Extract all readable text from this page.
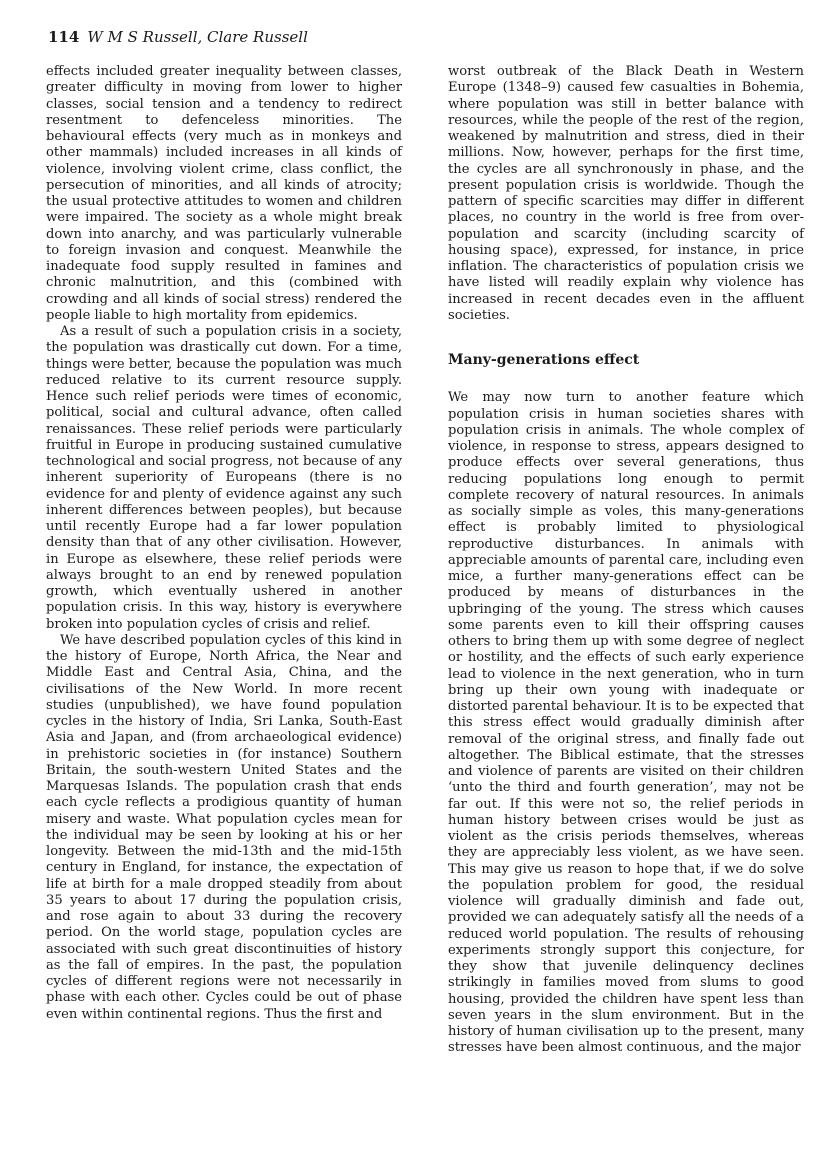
114 W M S Russell, Clare Russell

effects included greater inequality between classes, greater difficulty in moving from lower to higher classes, social tension and a tendency to redirect resentment to defenceless minorities. The behavioural effects (very much as in monkeys and other mammals) included increases in all kinds of violence, involving violent crime, class conflict, the persecution of minorities, and all kinds of atrocity; the usual protective attitudes to women and children were impaired. The society as a whole might break down into anarchy, and was particularly vulnerable to foreign invasion and conquest. Meanwhile the inadequate food supply resulted in famines and chronic malnutrition, and this (combined with crowding and all kinds of social stress) rendered the people liable to high mortality from epidemics.

As a result of such a population crisis in a society, the population was drastically cut down. For a time, things were better, because the population was much reduced relative to its current resource supply. Hence such relief periods were times of economic, political, social and cultural advance, often called renaissances. These relief periods were particularly fruitful in Europe in producing sustained cumulative technological and social progress, not because of any inherent superiority of Europeans (there is no evidence for and plenty of evidence against any such inherent differences between peoples), but because until recently Europe had a far lower population density than that of any other civilisation. However, in Europe as elsewhere, these relief periods were always brought to an end by renewed population growth, which eventually ushered in another population crisis. In this way, history is everywhere broken into population cycles of crisis and relief.

We have described population cycles of this kind in the history of Europe, North Africa, the Near and Middle East and Central Asia, China, and the civilisations of the New World. In more recent studies (unpublished), we have found population cycles in the history of India, Sri Lanka, South-East Asia and Japan, and (from archaeological evidence) in prehistoric societies in (for instance) Southern Britain, the south-western United States and the Marquesas Islands. The population crash that ends each cycle reflects a prodigious quantity of human misery and waste. What population cycles mean for the individual may be seen by looking at his or her longevity. Between the mid-13th and the mid-15th century in England, for instance, the expectation of life at birth for a male dropped steadily from about 35 years to about 17 during the population crisis, and rose again to about 33 during the recovery period. On the world stage, population cycles are associated with such great discontinuities of history as the fall of empires. In the past, the population cycles of different regions were not necessarily in phase with each other. Cycles could be out of phase even within continental regions. Thus the first and

worst outbreak of the Black Death in Western Europe (1348–9) caused few casualties in Bohemia, where population was still in better balance with resources, while the people of the rest of the region, weakened by malnutrition and stress, died in their millions. Now, however, perhaps for the first time, the cycles are all synchronously in phase, and the present population crisis is worldwide. Though the pattern of specific scarcities may differ in different places, no country in the world is free from over-population and scarcity (including scarcity of housing space), expressed, for instance, in price inflation. The characteristics of population crisis we have listed will readily explain why violence has increased in recent decades even in the affluent societies.

Many-generations effect

We may now turn to another feature which population crisis in human societies shares with population crisis in animals. The whole complex of violence, in response to stress, appears designed to produce effects over several generations, thus reducing populations long enough to permit complete recovery of natural resources. In animals as socially simple as voles, this many-generations effect is probably limited to physiological reproductive disturbances. In animals with appreciable amounts of parental care, including even mice, a further many-generations effect can be produced by means of disturbances in the upbringing of the young. The stress which causes some parents even to kill their offspring causes others to bring them up with some degree of neglect or hostility, and the effects of such early experience lead to violence in the next generation, who in turn bring up their own young with inadequate or distorted parental behaviour. It is to be expected that this stress effect would gradually diminish after removal of the original stress, and finally fade out altogether. The Biblical estimate, that the stresses and violence of parents are visited on their children ‘unto the third and fourth generation’, may not be far out. If this were not so, the relief periods in human history between crises would be just as violent as the crisis periods themselves, whereas they are appreciably less violent, as we have seen. This may give us reason to hope that, if we do solve the population problem for good, the residual violence will gradually diminish and fade out, provided we can adequately satisfy all the needs of a reduced world population. The results of rehousing experiments strongly support this conjecture, for they show that juvenile delinquency declines strikingly in families moved from slums to good housing, provided the children have spent less than seven years in the slum environment. But in the history of human civilisation up to the present, many stresses have been almost continuous, and the major
